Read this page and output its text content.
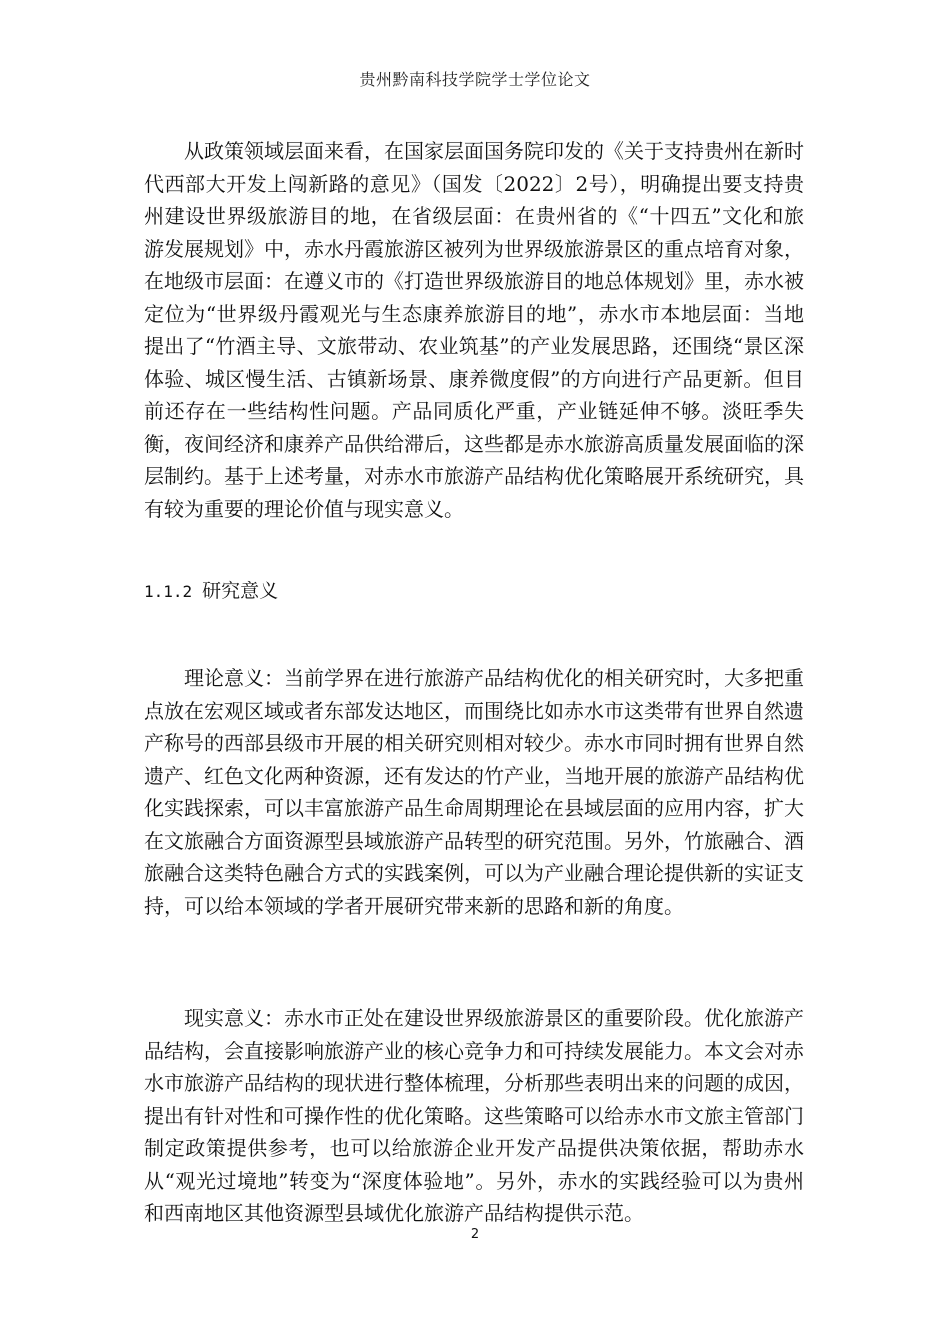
贵州黔南科技学院学士学位论文

从政策领域层面来看，在国家层面国务院印发的《关于支持贵州在新时代西部大开发上闯新路的意见》（国发〔2022〕2号），明确提出要支持贵州建设世界级旅游目的地，在省级层面：在贵州省的《“十四五”文化和旅游发展规划》中，赤水丹霞旅游区被列为世界级旅游景区的重点培育对象，在地级市层面：在遵义市的《打造世界级旅游目的地总体规划》里，赤水被定位为“世界级丹霞观光与生态康养旅游目的地”，赤水市本地层面：当地提出了“竹酒主导、文旅带动、农业筑基”的产业发展思路，还围绕“景区深体验、城区慢生活、古镇新场景、康养微度假”的方向进行产品更新。但目前还存在一些结构性问题。产品同质化严重，产业链延伸不够。淡旺季失衡，夜间经济和康养产品供给滞后，这些都是赤水旅游高质量发展面临的深层制约。基于上述考量，对赤水市旅游产品结构优化策略展开系统研究，具有较为重要的理论价值与现实意义。

1.1.2 研究意义

理论意义：当前学界在进行旅游产品结构优化的相关研究时，大多把重点放在宏观区域或者东部发达地区，而围绕比如赤水市这类带有世界自然遗产称号的西部县级市开展的相关研究则相对较少。赤水市同时拥有世界自然遗产、红色文化两种资源，还有发达的竹产业，当地开展的旅游产品结构优化实践探索，可以丰富旅游产品生命周期理论在县域层面的应用内容，扩大在文旅融合方面资源型县域旅游产品转型的研究范围。另外，竹旅融合、酒旅融合这类特色融合方式的实践案例，可以为产业融合理论提供新的实证支持，可以给本领域的学者开展研究带来新的思路和新的角度。

现实意义：赤水市正处在建设世界级旅游景区的重要阶段。优化旅游产品结构，会直接影响旅游产业的核心竞争力和可持续发展能力。本文会对赤水市旅游产品结构的现状进行整体梳理，分析那些表明出来的问题的成因，提出有针对性和可操作性的优化策略。这些策略可以给赤水市文旅主管部门制定政策提供参考，也可以给旅游企业开发产品提供决策依据，帮助赤水从“观光过境地”转变为“深度体验地”。另外，赤水的实践经验可以为贵州和西南地区其他资源型县域优化旅游产品结构提供示范。

2
